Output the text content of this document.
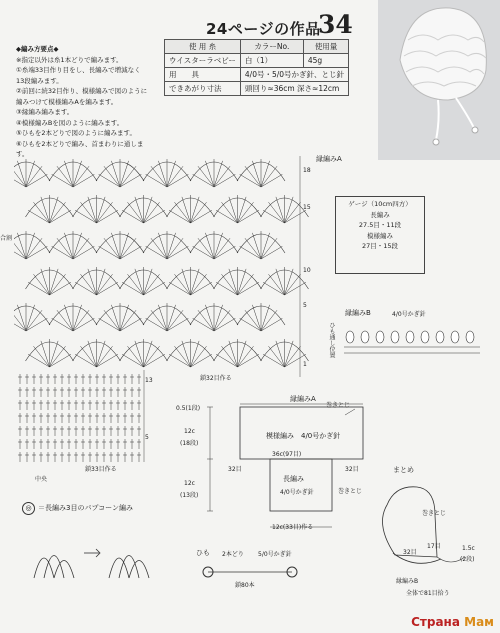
24ページの作品
34
使 用 糸	カラーNo.	使用量
ウイスターラベビー	白（1）	45g
用　　具	4/0号・5/0号かぎ針、とじ針	
できあがり寸法	頭回り≈36cm 深さ≈12cm	
◆編み方要点◆
※指定以外は糸1本どりで編みます。
①糸端33目作り目をし、長編みで増減なく
13段編みます。
②前回に続32目作り、模様編みで図のように
編みつけて模様編みAを編みます。
③縁編み編みます。
④模様編みBを図のように編みます。
⑤ひもを2本どりで図のように編みます。
⑥ひもを2本どりで編み、首まわりに通しま
す。
合割
縁編みA
18
15
10
5
1
鎖32目作る
13
5
鎖33目作る
中央
ゲージ（10cm四方）
長編み
27.5目・11段
模様編み
27目・15段
縁編みB	4/0号かぎ針
ひも通し位置
縁編みA
0.5(1段)
模様編み　4/0号かぎ針
12c
(18段)
36c(97目)
32目	32目
長編み
4/0号かぎ針
12c
(13段)
巻きとじ
12c(33目)作る
巻きとじ
まとめ
巻きとじ
32目
17目	1.5c
(2段)
縁編みB
全体で81目拾う
ひも 2本どり 5/0号かぎ針
鎖80本
◎ ＝長編み3目のパプコーン編み
Страна Мам
